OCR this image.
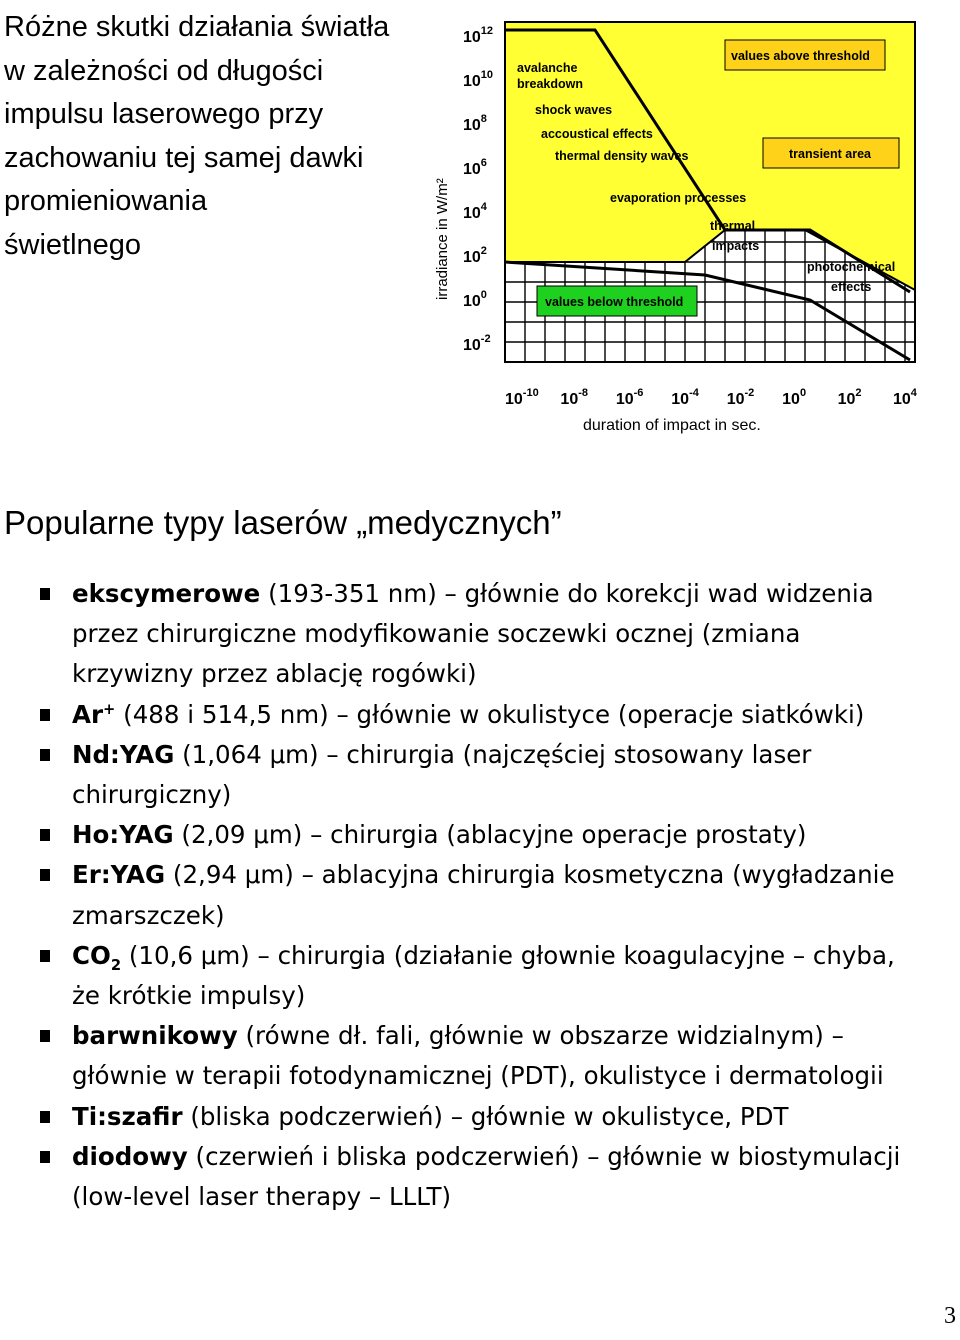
Różne skutki działania światła
w zależności od długości
impulsu laserowego przy
zachowaniu tej samej dawki
promieniowania
świetlnego
avalanche
breakdown
shock waves
accoustical effects
thermal density waves
evaporation processes
thermal
impacts
photochemical
effects
values above threshold
transient area
values below threshold
$10^{12}$
$10^{10}$
$10^8$
$10^6$
$10^4$
$10^2$
$10^0$
$10^{-2}$
$10^{-10}$ $10^{-8}$ $10^{-6}$ $10^{-4}$ $10^{-2}$ $10^0$ $10^2$ $10^4$
irradiance in W/m²
duration of impact in sec.
Popularne typy laserów „medycznych”
ekscymerowe (193-351 nm) – głównie do korekcji wad widzenia
przez chirurgiczne modyfikowanie soczewki ocznej (zmiana
krzywizny przez ablację rogówki)
Ar+ (488 i 514,5 nm) – głównie w okulistyce (operacje siatkówki)
Nd:YAG (1,064 μm) – chirurgia (najczęściej stosowany laser
chirurgiczny)
Ho:YAG (2,09 μm) – chirurgia (ablacyjne operacje prostaty)
Er:YAG (2,94 μm) – ablacyjna chirurgia kosmetyczna (wygładzanie
zmarszczek)
$CO_2$ (10,6 μm) – chirurgia (działanie głownie koagulacyjne – chyba,
że krótkie impulsy)
barwnikowy (równe dł. fali, głównie w obszarze widzialnym) –
głównie w terapii fotodynamicznej (PDT), okulistyce i dermatologii
Ti:szafir (bliska podczerwień) – głównie w okulistyce, PDT
diodowy (czerwień i bliska podczerwień) – głównie w biostymulacji
(low-level laser therapy – LLLT)
3
